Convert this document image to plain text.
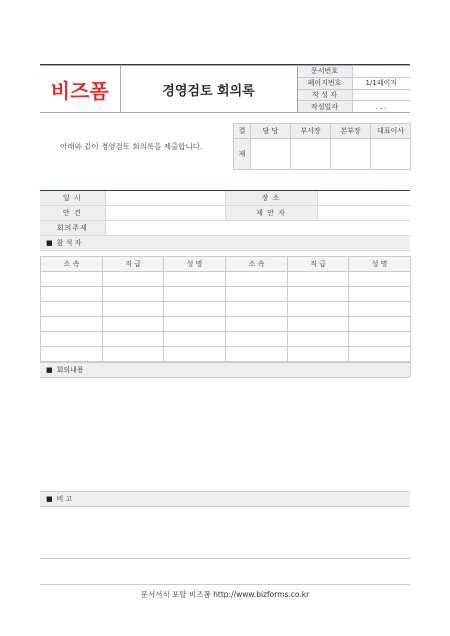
비즈폼	경영검토 회의록	문서번호	
		페이지번호	1/1페이지
		작 성 자	
		작성일자	. . .
아래와 같이 경영검토 회의록을 제출합니다.
결	담 당	부서장	본부장	대표이사
재				
일 시		장 소	
안 건		제 안 자	
회의주제			
■ 참 석 자			
소 속	직 급	성 명	소 속	직 급	성 명

■ 회의내용
■ 비 고
문서서식 포탈 비즈폼 http://www.bizforms.co.kr
